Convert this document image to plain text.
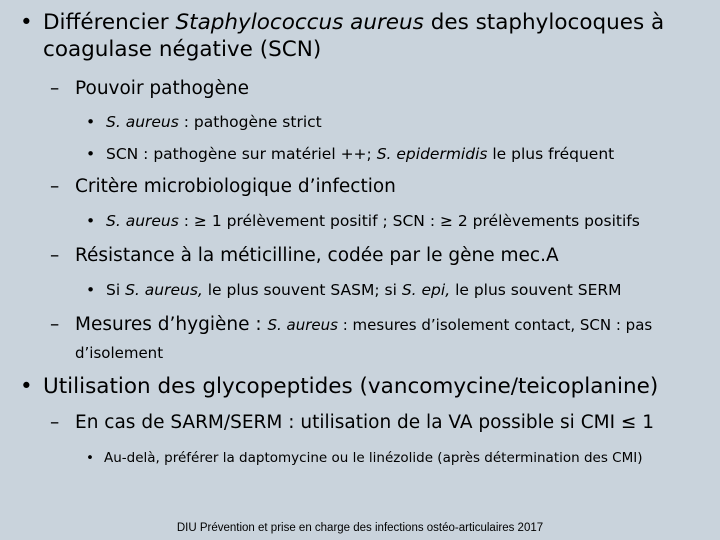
• Différencier Staphylococcus aureus des staphylocoques à
coagulase négative (SCN)
– Pouvoir pathogène
• S. aureus : pathogène strict
• SCN : pathogène sur matériel ++; S. epidermidis le plus fréquent
– Critère microbiologique d’infection
• S. aureus : ≥ 1 prélèvement positif ; SCN : ≥ 2 prélèvements positifs
– Résistance à la méticilline, codée par le gène mec.A
• Si S. aureus, le plus souvent SASM; si S. epi, le plus souvent SERM
– Mesures d’hygiène : S. aureus : mesures d’isolement contact, SCN : pas
d’isolement
• Utilisation des glycopeptides (vancomycine/teicoplanine)
– En cas de SARM/SERM : utilisation de la VA possible si CMI ≤ 1
• Au-delà, préférer la daptomycine ou le linézolide (après détermination des CMI)
DIU Prévention et prise en charge des infections ostéo-articulaires 2017
